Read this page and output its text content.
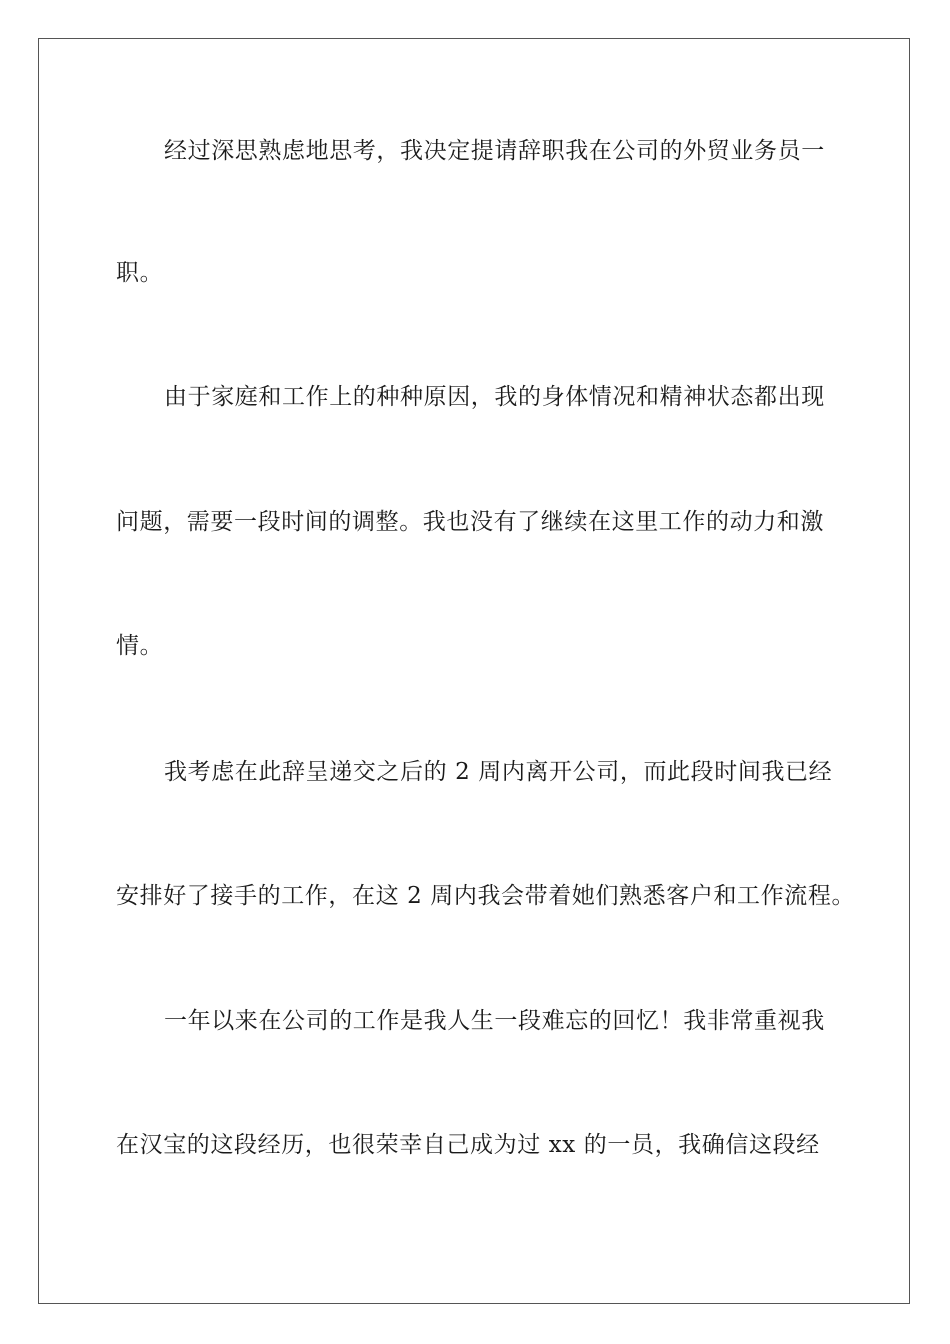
经过深思熟虑地思考，我决定提请辞职我在公司的外贸业务员一
职。
由于家庭和工作上的种种原因，我的身体情况和精神状态都出现
问题，需要一段时间的调整。我也没有了继续在这里工作的动力和激
情。
我考虑在此辞呈递交之后的 2 周内离开公司，而此段时间我已经
安排好了接手的工作，在这 2 周内我会带着她们熟悉客户和工作流程。
一年以来在公司的工作是我人生一段难忘的回忆！我非常重视我
在汉宝的这段经历，也很荣幸自己成为过 xx 的一员，我确信这段经
